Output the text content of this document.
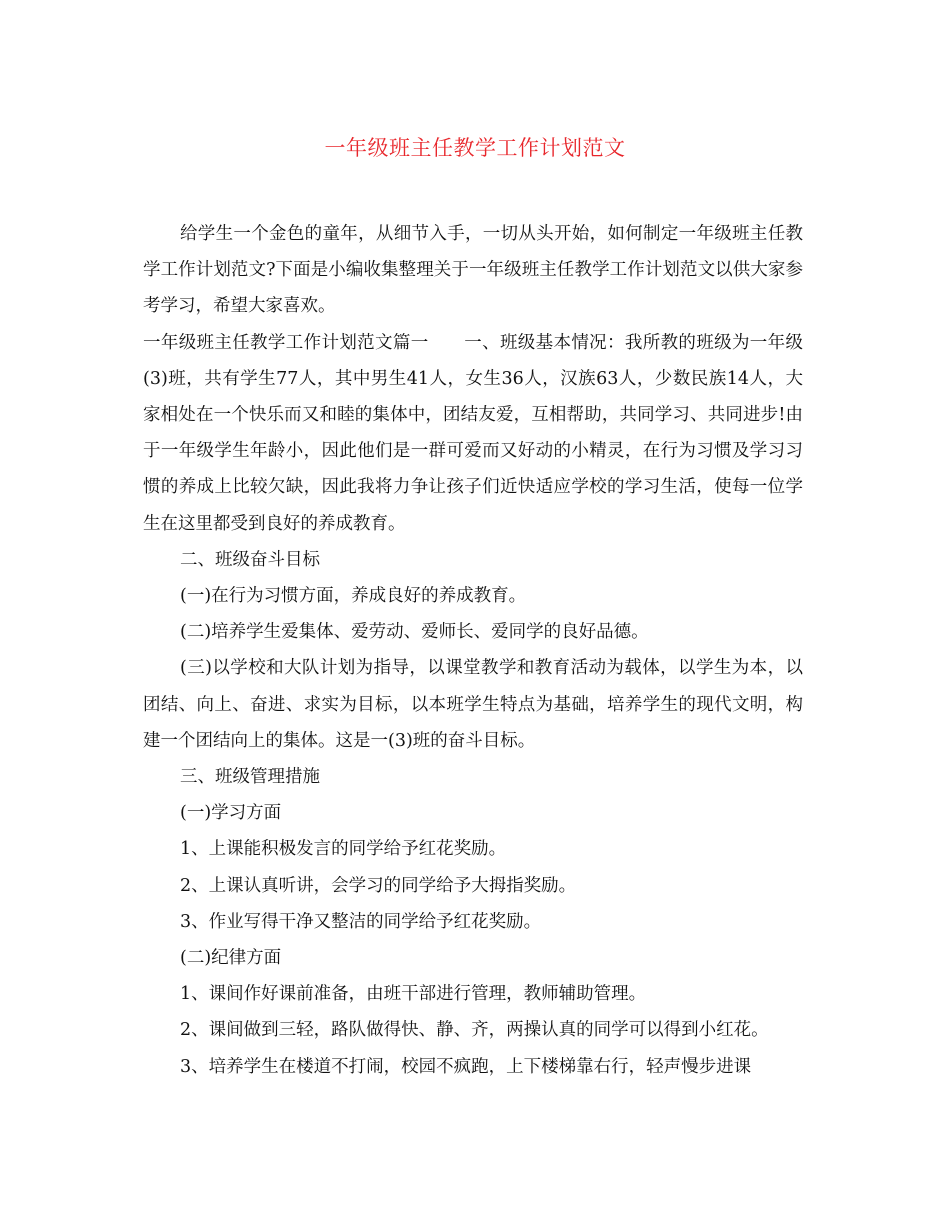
一年级班主任教学工作计划范文

给学生一个金色的童年，从细节入手，一切从头开始，如何制定一年级班主任教学工作计划范文?下面是小编收集整理关于一年级班主任教学工作计划范文以供大家参考学习，希望大家喜欢。

一年级班主任教学工作计划范文篇一　　一、班级基本情况：我所教的班级为一年级(3)班，共有学生77人，其中男生41人，女生36人，汉族63人，少数民族14人，大家相处在一个快乐而又和睦的集体中，团结友爱，互相帮助，共同学习、共同进步!由于一年级学生年龄小，因此他们是一群可爱而又好动的小精灵，在行为习惯及学习习惯的养成上比较欠缺，因此我将力争让孩子们近快适应学校的学习生活，使每一位学生在这里都受到良好的养成教育。

二、班级奋斗目标

(一)在行为习惯方面，养成良好的养成教育。

(二)培养学生爱集体、爱劳动、爱师长、爱同学的良好品德。

(三)以学校和大队计划为指导，以课堂教学和教育活动为载体，以学生为本，以团结、向上、奋进、求实为目标，以本班学生特点为基础，培养学生的现代文明，构建一个团结向上的集体。这是一(3)班的奋斗目标。

三、班级管理措施

(一)学习方面

1、上课能积极发言的同学给予红花奖励。

2、上课认真听讲，会学习的同学给予大拇指奖励。

3、作业写得干净又整洁的同学给予红花奖励。

(二)纪律方面

1、课间作好课前准备，由班干部进行管理，教师辅助管理。

2、课间做到三轻，路队做得快、静、齐，两操认真的同学可以得到小红花。

3、培养学生在楼道不打闹，校园不疯跑，上下楼梯靠右行，轻声慢步进课
